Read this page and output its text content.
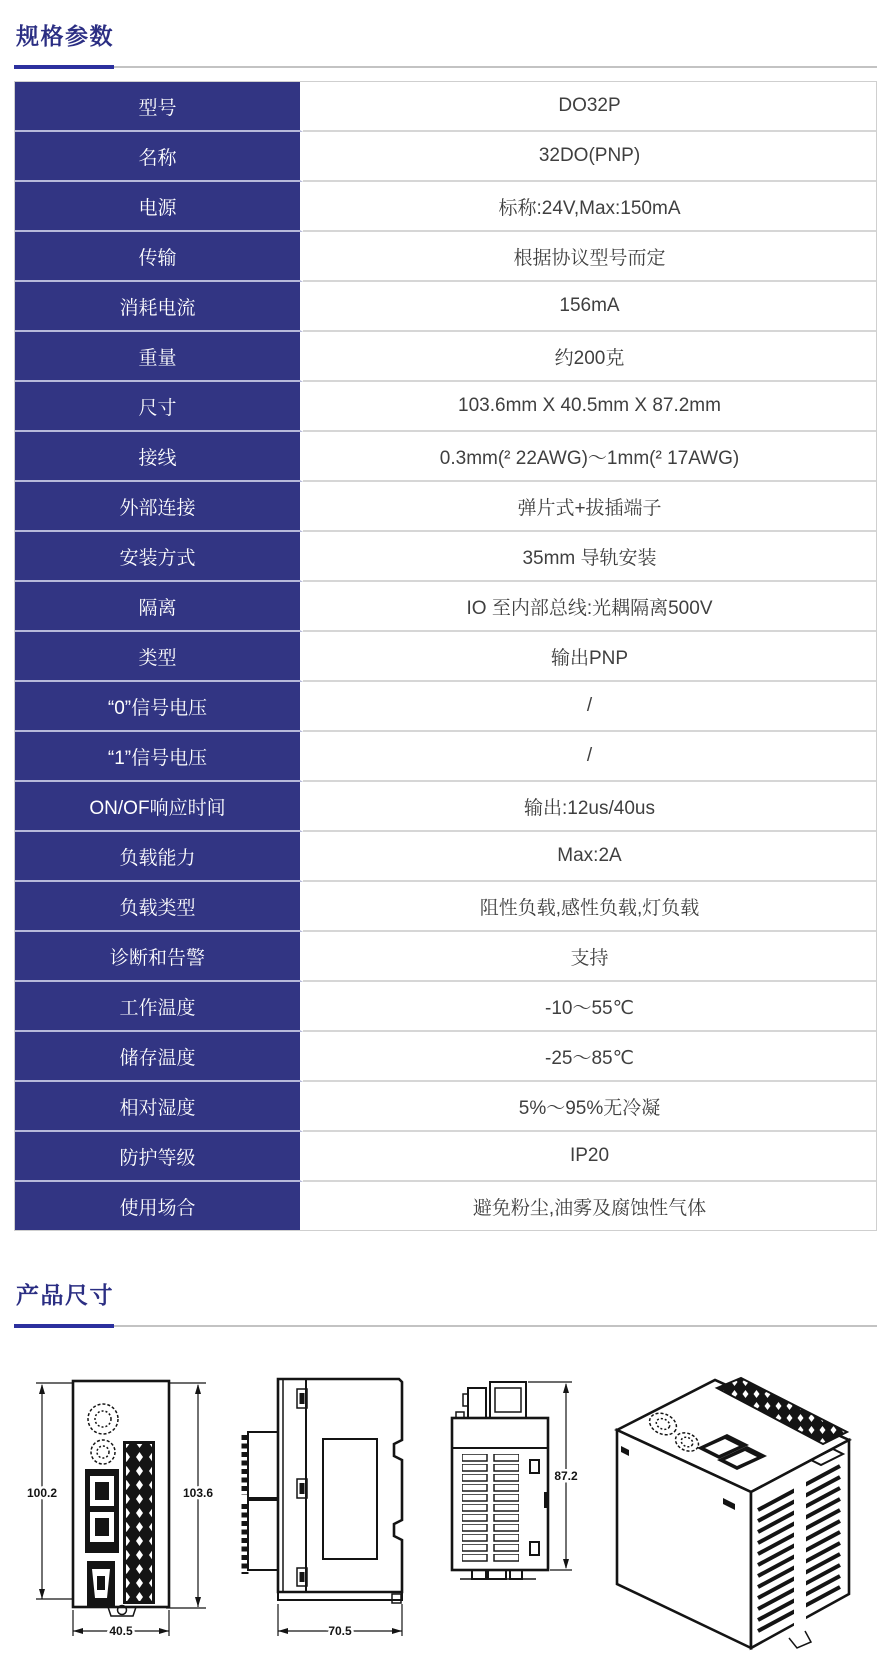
规格参数
型号	DO32P
名称	32DO(PNP)
电源	标称:24V,Max:150mA
传输	根据协议型号而定
消耗电流	156mA
重量	约200克
尺寸	103.6mm X 40.5mm X 87.2mm
接线	0.3mm(² 22AWG)～1mm(² 17AWG)
外部连接	弹片式+拔插端子
安装方式	35mm 导轨安装
隔离	IO 至内部总线:光耦隔离500V
类型	输出PNP
“0”信号电压	/
“1”信号电压	/
ON/OF响应时间	输出:12us/40us
负载能力	Max:2A
负载类型	阻性负载,感性负载,灯负载
诊断和告警	支持
工作温度	-10～55℃
储存温度	-25～85℃
相对湿度	5%～95%无冷凝
防护等级	IP20
使用场合	避免粉尘,油雾及腐蚀性气体
产品尺寸
100.2	103.6
40.5	70.5
87.2
